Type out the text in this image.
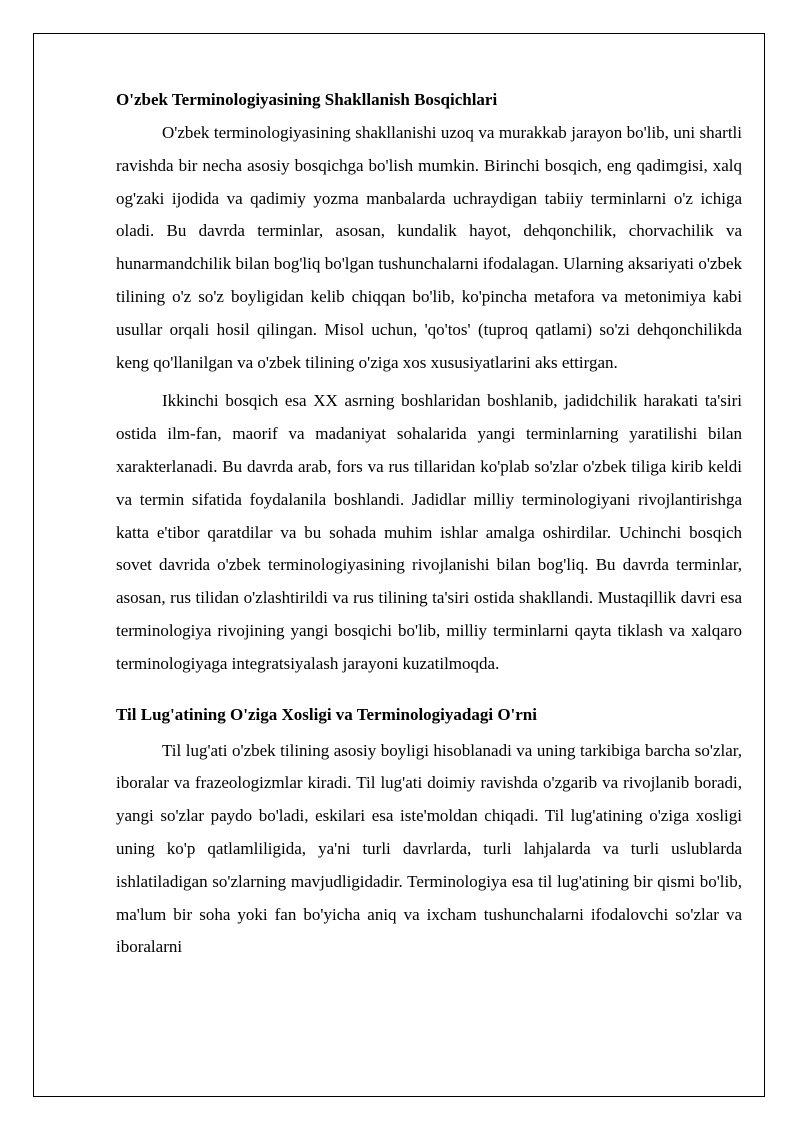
O'zbek Terminologiyasining Shakllanish Bosqichlari

O'zbek terminologiyasining shakllanishi uzoq va murakkab jarayon bo'lib, uni shartli ravishda bir necha asosiy bosqichga bo'lish mumkin. Birinchi bosqich, eng qadimgisi, xalq og'zaki ijodida va qadimiy yozma manbalarda uchraydigan tabiiy terminlarni o'z ichiga oladi. Bu davrda terminlar, asosan, kundalik hayot, dehqonchilik, chorvachilik va hunarmandchilik bilan bog'liq bo'lgan tushunchalarni ifodalagan. Ularning aksariyati o'zbek tilining o'z so'z boyligidan kelib chiqqan bo'lib, ko'pincha metafora va metonimiya kabi usullar orqali hosil qilingan. Misol uchun, 'qo'tos' (tuproq qatlami) so'zi dehqonchilikda keng qo'llanilgan va o'zbek tilining o'ziga xos xususiyatlarini aks ettirgan.

Ikkinchi bosqich esa XX asrning boshlaridan boshlanib, jadidchilik harakati ta'siri ostida ilm-fan, maorif va madaniyat sohalarida yangi terminlarning yaratilishi bilan xarakterlanadi. Bu davrda arab, fors va rus tillaridan ko'plab so'zlar o'zbek tiliga kirib keldi va termin sifatida foydalanila boshlandi. Jadidlar milliy terminologiyani rivojlantirishga katta e'tibor qaratdilar va bu sohada muhim ishlar amalga oshirdilar. Uchinchi bosqich sovet davrida o'zbek terminologiyasining rivojlanishi bilan bog'liq. Bu davrda terminlar, asosan, rus tilidan o'zlashtirildi va rus tilining ta'siri ostida shakllandi. Mustaqillik davri esa terminologiya rivojining yangi bosqichi bo'lib, milliy terminlarni qayta tiklash va xalqaro terminologiyaga integratsiyalash jarayoni kuzatilmoqda.

Til Lug'atining O'ziga Xosligi va Terminologiyadagi O'rni

Til lug'ati o'zbek tilining asosiy boyligi hisoblanadi va uning tarkibiga barcha so'zlar, iboralar va frazeologizmlar kiradi. Til lug'ati doimiy ravishda o'zgarib va rivojlanib boradi, yangi so'zlar paydo bo'ladi, eskilari esa iste'moldan chiqadi. Til lug'atining o'ziga xosligi uning ko'p qatlamliligida, ya'ni turli davrlarda, turli lahjalarda va turli uslublarda ishlatiladigan so'zlarning mavjudligidadir. Terminologiya esa til lug'atining bir qismi bo'lib, ma'lum bir soha yoki fan bo'yicha aniq va ixcham tushunchalarni ifodalovchi so'zlar va iboralarni
